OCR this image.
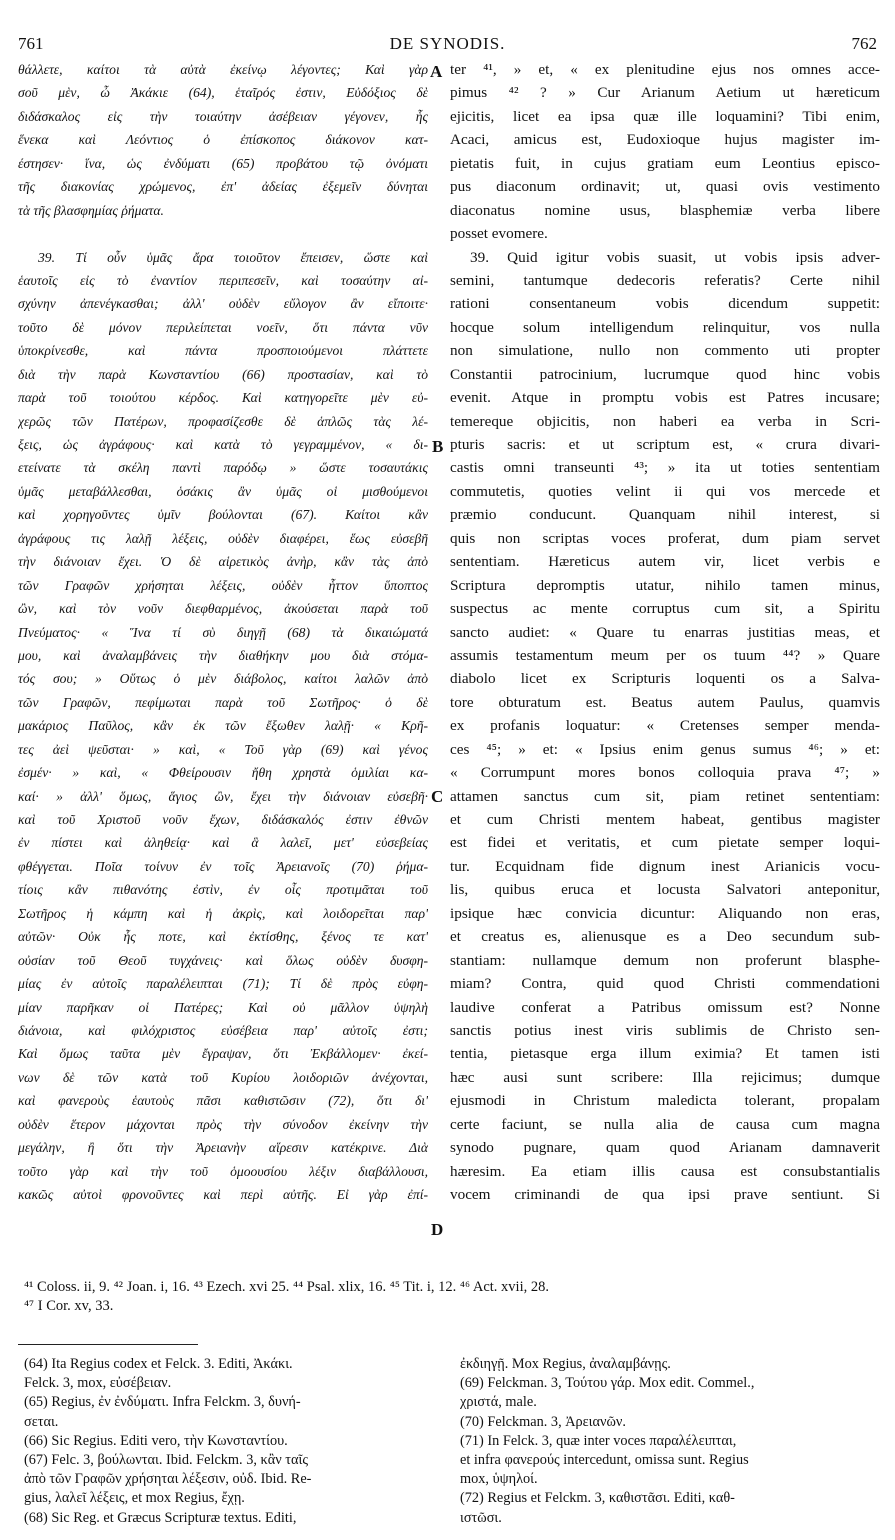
761	DE SYNODIS.	762
θάλλετε, καίτοι τὰ αὐτὰ ἐκείνῳ λέγοντες; Καὶ γὰρ
σοῦ μὲν, ὦ Ἀκάκιε (64), ἑταῖρός ἐστιν, Εὐδόξιος δὲ
διδάσκαλος εἰς τὴν τοιαύτην ἀσέβειαν γέγονεν, ἧς
ἕνεκα καὶ Λεόντιος ὁ ἐπίσκοπος διάκονον κατ-
έστησεν· ἵνα, ὡς ἐνδύματι (65) προβάτου τῷ ὀνόματι
τῆς διακονίας χρώμενος, ἐπ' ἀδείας ἐξεμεῖν δύνηται
τὰ τῆς βλασφημίας ῥήματα.
39. Τί οὖν ὑμᾶς ἄρα τοιοῦτον ἔπεισεν, ὥστε καὶ
ἑαυτοῖς εἰς τὸ ἐναντίον περιπεσεῖν, καὶ τοσαύτην αἰ-
σχύνην ἀπενέγκασθαι; ἀλλ' οὐδὲν εὔλογον ἂν εἴποιτε·
τοῦτο δὲ μόνον περιλείπεται νοεῖν, ὅτι πάντα νῦν
ὑποκρίνεσθε, καὶ πάντα προσποιούμενοι πλάττετε
διὰ τὴν παρὰ Κωνσταντίου (66) προστασίαν, καὶ τὸ
παρὰ τοῦ τοιούτου κέρδος. Καὶ κατηγορεῖτε μὲν εὐ-
χερῶς τῶν Πατέρων, προφασίζεσθε δὲ ἁπλῶς τὰς λέ-
ξεις, ὡς ἀγράφους· καὶ κατὰ τὸ γεγραμμένον, « δι-
ετείνατε τὰ σκέλη παντὶ παρόδῳ » ὥστε τοσαυτάκις
ὑμᾶς μεταβάλλεσθαι, ὁσάκις ἂν ὑμᾶς οἱ μισθούμενοι
καὶ χορηγοῦντες ὑμῖν βούλονται (67). Καίτοι κἂν
ἀγράφους τις λαλῇ λέξεις, οὐδὲν διαφέρει, ἕως εὐσεβῆ
τὴν διάνοιαν ἔχει. Ὁ δὲ αἱρετικὸς ἀνὴρ, κἂν τὰς ἀπὸ
τῶν Γραφῶν χρήσηται λέξεις, οὐδὲν ἧττον ὕποπτος
ὢν, καὶ τὸν νοῦν διεφθαρμένος, ἀκούσεται παρὰ τοῦ
Πνεύματος· « Ἵνα τί σὺ διηγῇ (68) τὰ δικαιώματά
μου, καὶ ἀναλαμβάνεις τὴν διαθήκην μου διὰ στόμα-
τός σου; » Οὕτως ὁ μὲν διάβολος, καίτοι λαλῶν ἀπὸ
τῶν Γραφῶν, πεφίμωται παρὰ τοῦ Σωτῆρος· ὁ δὲ
μακάριος Παῦλος, κἂν ἐκ τῶν ἔξωθεν λαλῇ· « Κρῆ-
τες ἀεὶ ψεῦσται· » καὶ, « Τοῦ γὰρ (69) καὶ γένος
ἐσμέν· » καὶ, « Φθείρουσιν ἤθη χρηστὰ ὁμιλίαι κα-
καί· » ἀλλ' ὅμως, ἅγιος ὢν, ἔχει τὴν διάνοιαν εὐσεβῆ·
καὶ τοῦ Χριστοῦ νοῦν ἔχων, διδάσκαλός ἐστιν ἐθνῶν
ἐν πίστει καὶ ἀληθείᾳ· καὶ ἃ λαλεῖ, μετ' εὐσεβείας
φθέγγεται. Ποῖα τοίνυν ἐν τοῖς Ἀρειανοῖς (70) ῥήμα-
τίοις κἂν πιθανότης ἐστὶν, ἐν οἷς προτιμᾶται τοῦ
Σωτῆρος ἡ κάμπη καὶ ἡ ἀκρὶς, καὶ λοιδορεῖται παρ'
αὐτῶν· Οὐκ ἦς ποτε, καὶ ἐκτίσθης, ξένος τε κατ'
οὐσίαν τοῦ Θεοῦ τυγχάνεις· καὶ ὅλως οὐδὲν δυσφη-
μίας ἐν αὐτοῖς παραλέλειπται (71); Τί δὲ πρὸς εὐφη-
μίαν παρῆκαν οἱ Πατέρες; Καὶ οὐ μᾶλλον ὑψηλὴ
διάνοια, καὶ φιλόχριστος εὐσέβεια παρ' αὐτοῖς ἐστι;
Καὶ ὅμως ταῦτα μὲν ἔγραψαν, ὅτι Ἐκβάλλομεν· ἐκεί-
νων δὲ τῶν κατὰ τοῦ Κυρίου λοιδοριῶν ἀνέχονται,
καὶ φανεροὺς ἑαυτοὺς πᾶσι καθιστῶσιν (72), ὅτι δι'
οὐδὲν ἕτερον μάχονται πρὸς τὴν σύνοδον ἐκείνην τὴν
μεγάλην, ἢ ὅτι τὴν Ἀρειανὴν αἵρεσιν κατέκρινε. Διὰ
τοῦτο γὰρ καὶ τὴν τοῦ ὁμοουσίου λέξιν διαβάλλουσι,
κακῶς αὐτοὶ φρονοῦντες καὶ περὶ αὐτῆς. Εἰ γὰρ ἐπί-
ter ⁴¹, » et, « ex plenitudine ejus nos omnes acce-
pimus ⁴² ? » Cur Arianum Aetium ut hæreticum
ejicitis, licet ea ipsa quæ ille loquamini? Tibi enim,
Acaci, amicus est, Eudoxioque hujus magister im-
pietatis fuit, in cujus gratiam eum Leontius episco-
pus diaconum ordinavit; ut, quasi ovis vestimento
diaconatus nomine usus, blasphemiæ verba libere
posset evomere.
39. Quid igitur vobis suasit, ut vobis ipsis adver-
semini, tantumque dedecoris referatis? Certe nihil
rationi consentaneum vobis dicendum suppetit:
hocque solum intelligendum relinquitur, vos nulla
non simulatione, nullo non commento uti propter
Constantii patrocinium, lucrumque quod hinc vobis
evenit. Atque in promptu vobis est Patres incusare;
temereque objicitis, non haberi ea verba in Scri-
pturis sacris: et ut scriptum est, « crura divari-
castis omni transeunti ⁴³; » ita ut toties sententiam
commutetis, quoties velint ii qui vos mercede et
præmio conducunt. Quanquam nihil interest, si
quis non scriptas voces proferat, dum piam servet
sententiam. Hæreticus autem vir, licet verbis e
Scriptura depromptis utatur, nihilo tamen minus,
suspectus ac mente corruptus cum sit, a Spiritu
sancto audiet: « Quare tu enarras justitias meas, et
assumis testamentum meum per os tuum ⁴⁴? » Quare
diabolo licet ex Scripturis loquenti os a Salva-
tore obturatum est. Beatus autem Paulus, quamvis
ex profanis loquatur: « Cretenses semper menda-
ces ⁴⁵; » et: « Ipsius enim genus sumus ⁴⁶; » et:
« Corrumpunt mores bonos colloquia prava ⁴⁷; »
attamen sanctus cum sit, piam retinet sententiam:
et cum Christi mentem habeat, gentibus magister
est fidei et veritatis, et cum pietate semper loqui-
tur. Ecquidnam fide dignum inest Arianicis vocu-
lis, quibus eruca et locusta Salvatori anteponitur,
ipsique hæc convicia dicuntur: Aliquando non eras,
et creatus es, alienusque es a Deo secundum sub-
stantiam: nullamque demum non proferunt blasphe-
miam? Contra, quid quod Christi commendationi
laudive conferat a Patribus omissum est? Nonne
sanctis potius inest viris sublimis de Christo sen-
tentia, pietasque erga illum eximia? Et tamen isti
hæc ausi sunt scribere: Illa rejicimus; dumque
ejusmodi in Christum maledicta tolerant, propalam
certe faciunt, se nulla alia de causa cum magna
synodo pugnare, quam quod Arianam damnaverit
hæresim. Ea etiam illis causa est consubstantialis
vocem criminandi de qua ipsi prave sentiunt. Si
A
B
C
D
⁴¹ Coloss. ii, 9. ⁴² Joan. i, 16. ⁴³ Ezech. xvi 25. ⁴⁴ Psal. xlix, 16. ⁴⁵ Tit. i, 12. ⁴⁶ Act. xvii, 28.
⁴⁷ I Cor. xv, 33.
(64) Ita Regius codex et Felck. 3. Editi, Ἀκάκι.
Felck. 3, mox, εὐσέβειαν.
(65) Regius, ἐν ἐνδύματι. Infra Felckm. 3, δυνή-
σεται.
(66) Sic Regius. Editi vero, τὴν Κωνσταντίου.
(67) Felc. 3, βούλωνται. Ibid. Felckm. 3, κἂν ταῖς
ἀπὸ τῶν Γραφῶν χρήσηται λέξεσιν, οὐδ. Ibid. Re-
gius, λαλεῖ λέξεις, et mox Regius, ἔχῃ.
(68) Sic Reg. et Græcus Scripturæ textus. Editi,
ἐκδιηγῇ. Mox Regius, ἀναλαμβάνῃς.
(69) Felckman. 3, Τούτου γάρ. Mox edit. Commel.,
χριστά, male.
(70) Felckman. 3, Ἀρειανῶν.
(71) In Felck. 3, quæ inter voces παραλέλειπται,
et infra φανερούς intercedunt, omissa sunt. Regius
mox, ὑψηλοί.
(72) Regius et Felckm. 3, καθιστᾶσι. Editi, καθ-
ιστῶσι.
